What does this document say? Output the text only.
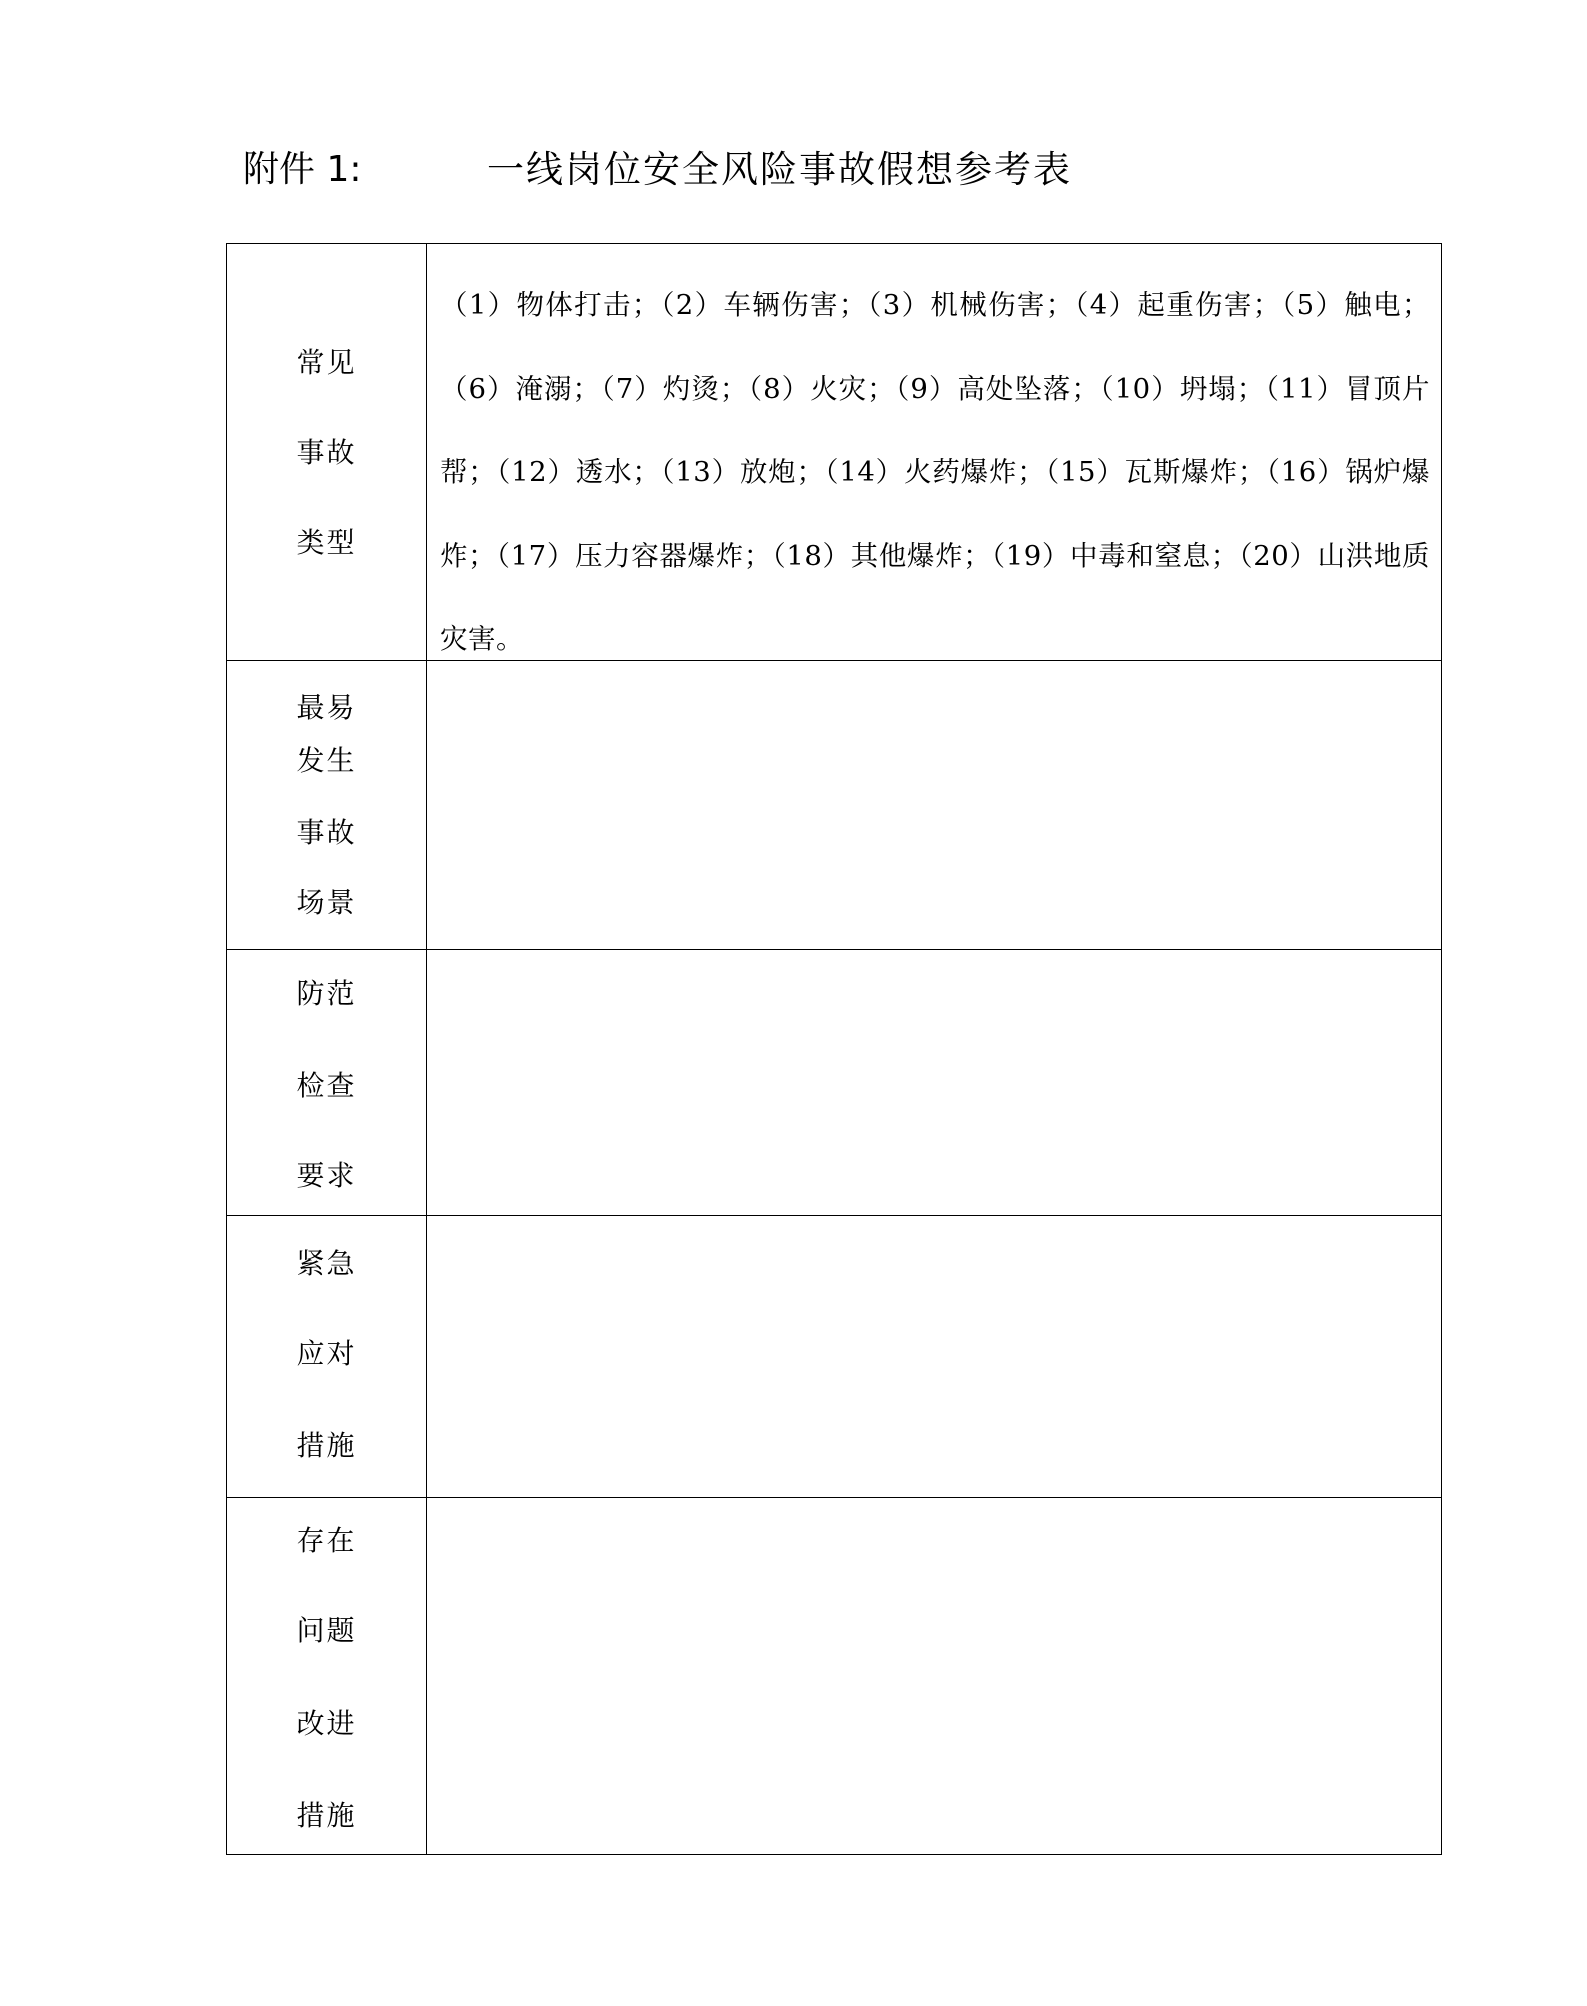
附件 1:	一线岗位安全风险事故假想参考表
常见
事故
类型
（1）物体打击；（2）车辆伤害；（3）机械伤害；（4）起重伤害；（5）触电；（6）淹溺；（7）灼烫；（8）火灾；（9）高处坠落；（10）坍塌；（11）冒顶片帮；（12）透水；（13）放炮；（14）火药爆炸；（15）瓦斯爆炸；（16）锅炉爆炸；（17）压力容器爆炸；（18）其他爆炸；（19）中毒和窒息；（20）山洪地质灾害。
最易
发生
事故
场景
防范
检查
要求
紧急
应对
措施
存在
问题
改进
措施
